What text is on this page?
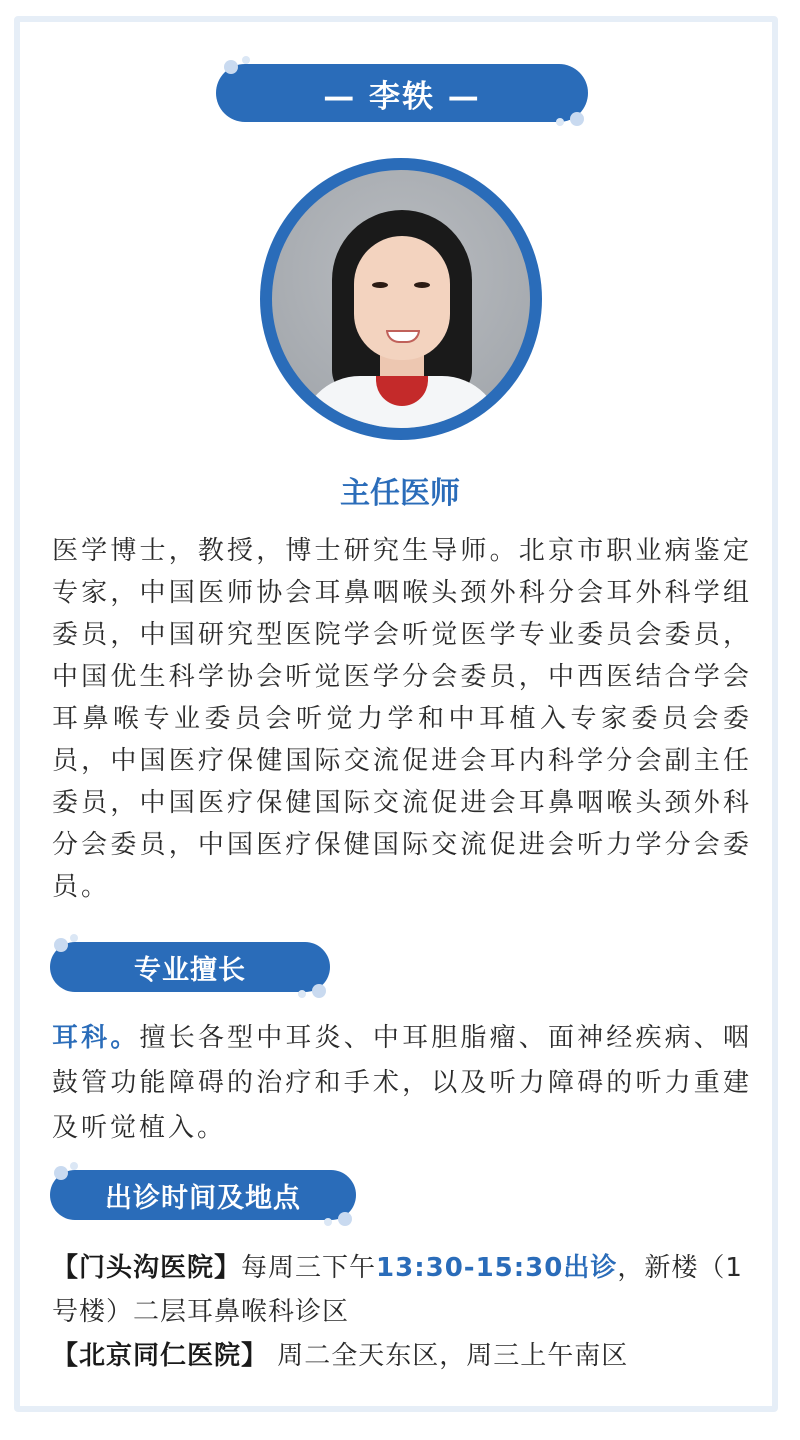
— 李轶 —
主任医师
医学博士，教授，博士研究生导师。北京市职业病鉴定专家，中国医师协会耳鼻咽喉头颈外科分会耳外科学组委员，中国研究型医院学会听觉医学专业委员会委员，中国优生科学协会听觉医学分会委员，中西医结合学会耳鼻喉专业委员会听觉力学和中耳植入专家委员会委员，中国医疗保健国际交流促进会耳内科学分会副主任委员，中国医疗保健国际交流促进会耳鼻咽喉头颈外科分会委员，中国医疗保健国际交流促进会听力学分会委员。
专业擅长
耳科。擅长各型中耳炎、中耳胆脂瘤、面神经疾病、咽鼓管功能障碍的治疗和手术，以及听力障碍的听力重建及听觉植入。
出诊时间及地点
【门头沟医院】每周三下午13:30-15:30出诊，新楼（1号楼）二层耳鼻喉科诊区
【北京同仁医院】 周二全天东区，周三上午南区
